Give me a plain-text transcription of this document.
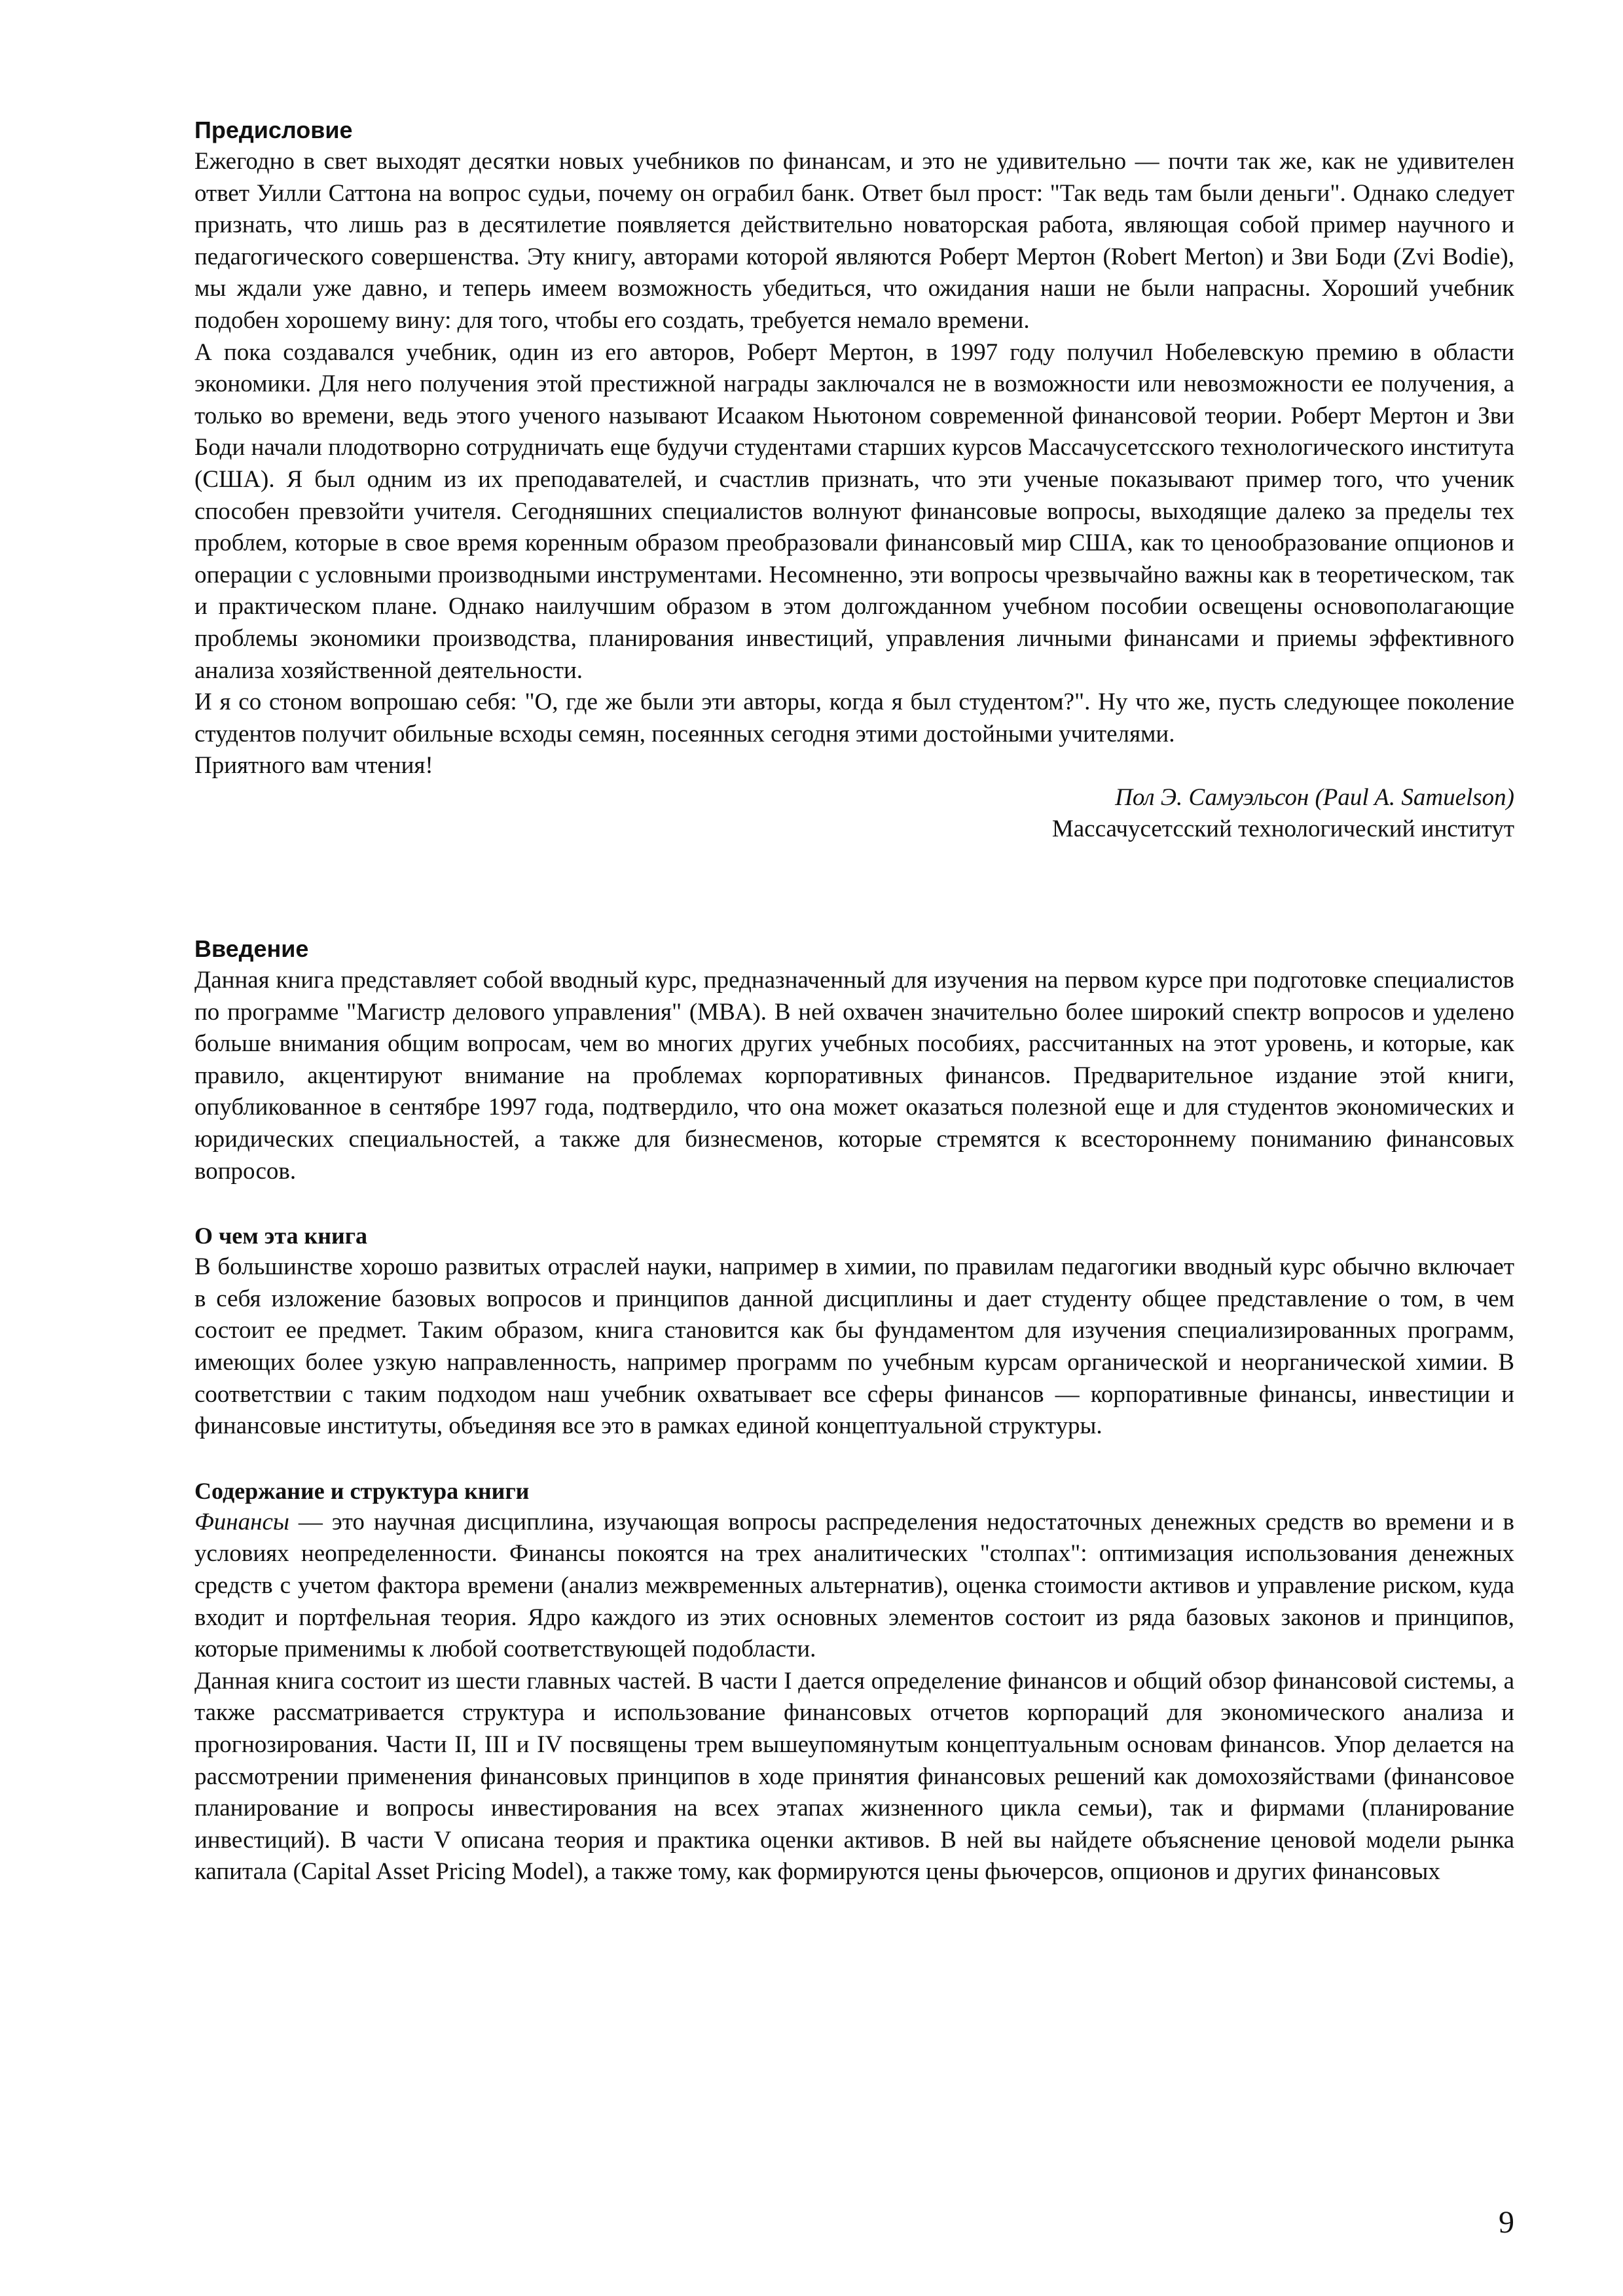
Предисловие

Ежегодно в свет выходят десятки новых учебников по финансам, и это не удивительно — почти так же, как не удивителен ответ Уилли Саттона на вопрос судьи, почему он ограбил банк. Ответ был прост: "Так ведь там были деньги". Однако следует признать, что лишь раз в десятилетие появляется действительно новаторская работа, являющая собой пример научного и педагогического совершенства. Эту книгу, авторами которой являются Роберт Мертон (Robert Merton) и Зви Боди (Zvi Bodie), мы ждали уже давно, и теперь имеем возможность убедиться, что ожидания наши не были напрасны. Хороший учебник подобен хорошему вину: для того, чтобы его создать, требуется немало времени.

А пока создавался учебник, один из его авторов, Роберт Мертон, в 1997 году получил Нобелевскую премию в области экономики. Для него получения этой престижной награды заключался не в возможности или невозможности ее получения, а только во времени, ведь этого ученого называют Исааком Ньютоном современной финансовой теории. Роберт Мертон и Зви Боди начали плодотворно сотрудничать еще будучи студентами старших курсов Массачусетсского технологического института (США). Я был одним из их преподавателей, и счастлив признать, что эти ученые показывают пример того, что ученик способен превзойти учителя. Сегодняшних специалистов волнуют финансовые вопросы, выходящие далеко за пределы тех проблем, которые в свое время коренным образом преобразовали финансовый мир США, как то ценообразование опционов и операции с условными производными инструментами. Несомненно, эти вопросы чрезвычайно важны как в теоретическом, так и практическом плане. Однако наилучшим образом в этом долгожданном учебном пособии освещены основополагающие проблемы экономики производства, планирования инвестиций, управления личными финансами и приемы эффективного анализа хозяйственной деятельности.

И я со стоном вопрошаю себя: "О, где же были эти авторы, когда я был студентом?". Ну что же, пусть следующее поколение студентов получит обильные всходы семян, посеянных сегодня этими достойными учителями.

Приятного вам чтения!

Пол Э. Самуэльсон (Paul A. Samuelson)

Массачусетсский технологический институт

Введение

Данная книга представляет собой вводный курс, предназначенный для изучения на первом курсе при подготовке специалистов по программе "Магистр делового управления" (MBA). В ней охвачен значительно более широкий спектр вопросов и уделено больше внимания общим вопросам, чем во многих других учебных пособиях, рассчитанных на этот уровень, и которые, как правило, акцентируют внимание на проблемах корпоративных финансов. Предварительное издание этой книги, опубликованное в сентябре 1997 года, подтвердило, что она может оказаться полезной еще и для студентов экономических и юридических специальностей, а также для бизнесменов, которые стремятся к всестороннему пониманию финансовых вопросов.

О чем эта книга

В большинстве хорошо развитых отраслей науки, например в химии, по правилам педагогики вводный курс обычно включает в себя изложение базовых вопросов и принципов данной дисциплины и дает студенту общее представление о том, в чем состоит ее предмет. Таким образом, книга становится как бы фундаментом для изучения специализированных программ, имеющих более узкую направленность, например программ по учебным курсам органической и неорганической химии. В соответствии с таким подходом наш учебник охватывает все сферы финансов — корпоративные финансы, инвестиции и финансовые институты, объединяя все это в рамках единой концептуальной структуры.

Содержание и структура книги

Финансы — это научная дисциплина, изучающая вопросы распределения недостаточных денежных средств во времени и в условиях неопределенности. Финансы покоятся на трех аналитических "столпах": оптимизация использования денежных средств с учетом фактора времени (анализ межвременных альтернатив), оценка стоимости активов и управление риском, куда входит и портфельная теория. Ядро каждого из этих основных элементов состоит из ряда базовых законов и принципов, которые применимы к любой соответствующей подобласти.

Данная книга состоит из шести главных частей. В части I дается определение финансов и общий обзор финансовой системы, а также рассматривается структура и использование финансовых отчетов корпораций для экономического анализа и прогнозирования. Части II, III и IV посвящены трем вышеупомянутым концептуальным основам финансов. Упор делается на рассмотрении применения финансовых принципов в ходе принятия финансовых решений как домохозяйствами (финансовое планирование и вопросы инвестирования на всех этапах жизненного цикла семьи), так и фирмами (планирование инвестиций). В части V описана теория и практика оценки активов. В ней вы найдете объяснение ценовой модели рынка капитала (Capital Asset Pricing Model), а также тому, как формируются цены фьючерсов, опционов и других финансовых

9
